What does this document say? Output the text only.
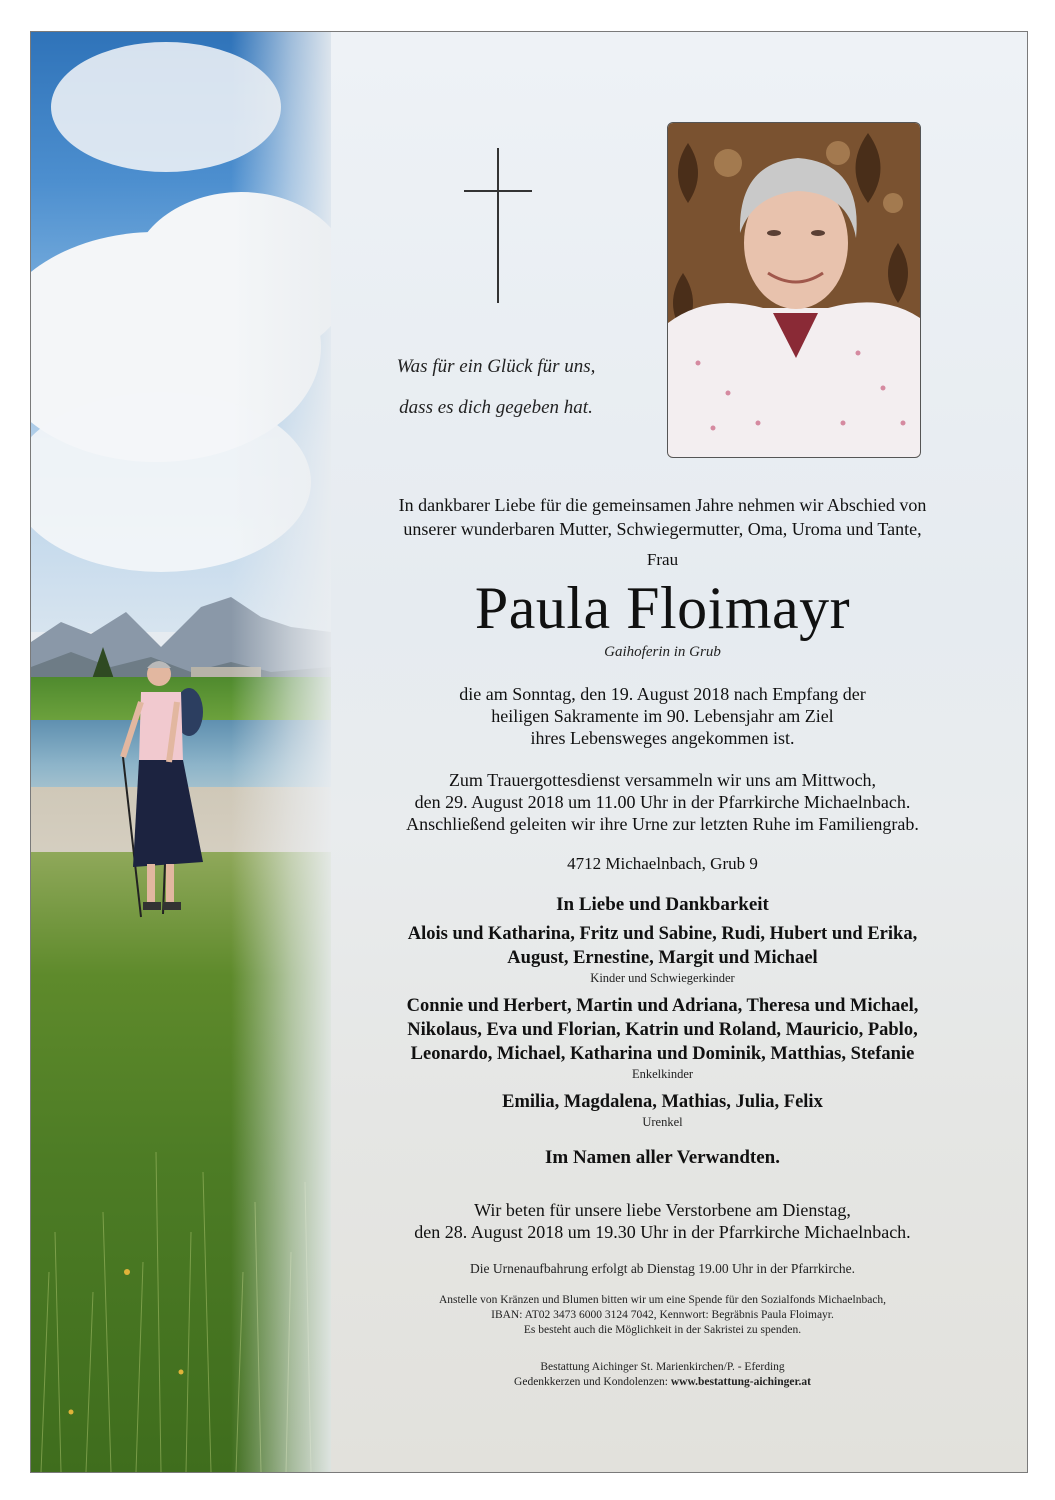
Was für ein Glück für uns,
dass es dich gegeben hat.

In dankbarer Liebe für die gemeinsamen Jahre nehmen wir Abschied von

unserer wunderbaren Mutter, Schwiegermutter, Oma, Uroma und Tante,

Frau

Paula Floimayr

Gaihoferin in Grub

die am Sonntag, den 19. August 2018 nach Empfang der

heiligen Sakramente im 90. Lebensjahr am Ziel

ihres Lebensweges angekommen ist.

Zum Trauergottesdienst versammeln wir uns am Mittwoch,

den 29. August 2018 um 11.00 Uhr in der Pfarrkirche Michaelnbach.

Anschließend geleiten wir ihre Urne zur letzten Ruhe im Familiengrab.

4712 Michaelnbach, Grub 9

In Liebe und Dankbarkeit

Alois und Katharina, Fritz und Sabine, Rudi, Hubert und Erika,

August, Ernestine, Margit und Michael

Kinder und Schwiegerkinder

Connie und Herbert, Martin und Adriana, Theresa und Michael,

Nikolaus, Eva und Florian, Katrin und Roland, Mauricio, Pablo,

Leonardo, Michael, Katharina und Dominik, Matthias, Stefanie

Enkelkinder

Emilia, Magdalena, Mathias, Julia, Felix

Urenkel

Im Namen aller Verwandten.

Wir beten für unsere liebe Verstorbene am Dienstag,

den 28. August 2018 um 19.30 Uhr in der Pfarrkirche Michaelnbach.

Die Urnenaufbahrung erfolgt ab Dienstag 19.00 Uhr in der Pfarrkirche.

Anstelle von Kränzen und Blumen bitten wir um eine Spende für den Sozialfonds Michaelnbach,

IBAN: AT02 3473 6000 3124 7042, Kennwort: Begräbnis Paula Floimayr.

Es besteht auch die Möglichkeit in der Sakristei zu spenden.

Bestattung Aichinger St. Marienkirchen/P. - Eferding

Gedenkkerzen und Kondolenzen: www.bestattung-aichinger.at
